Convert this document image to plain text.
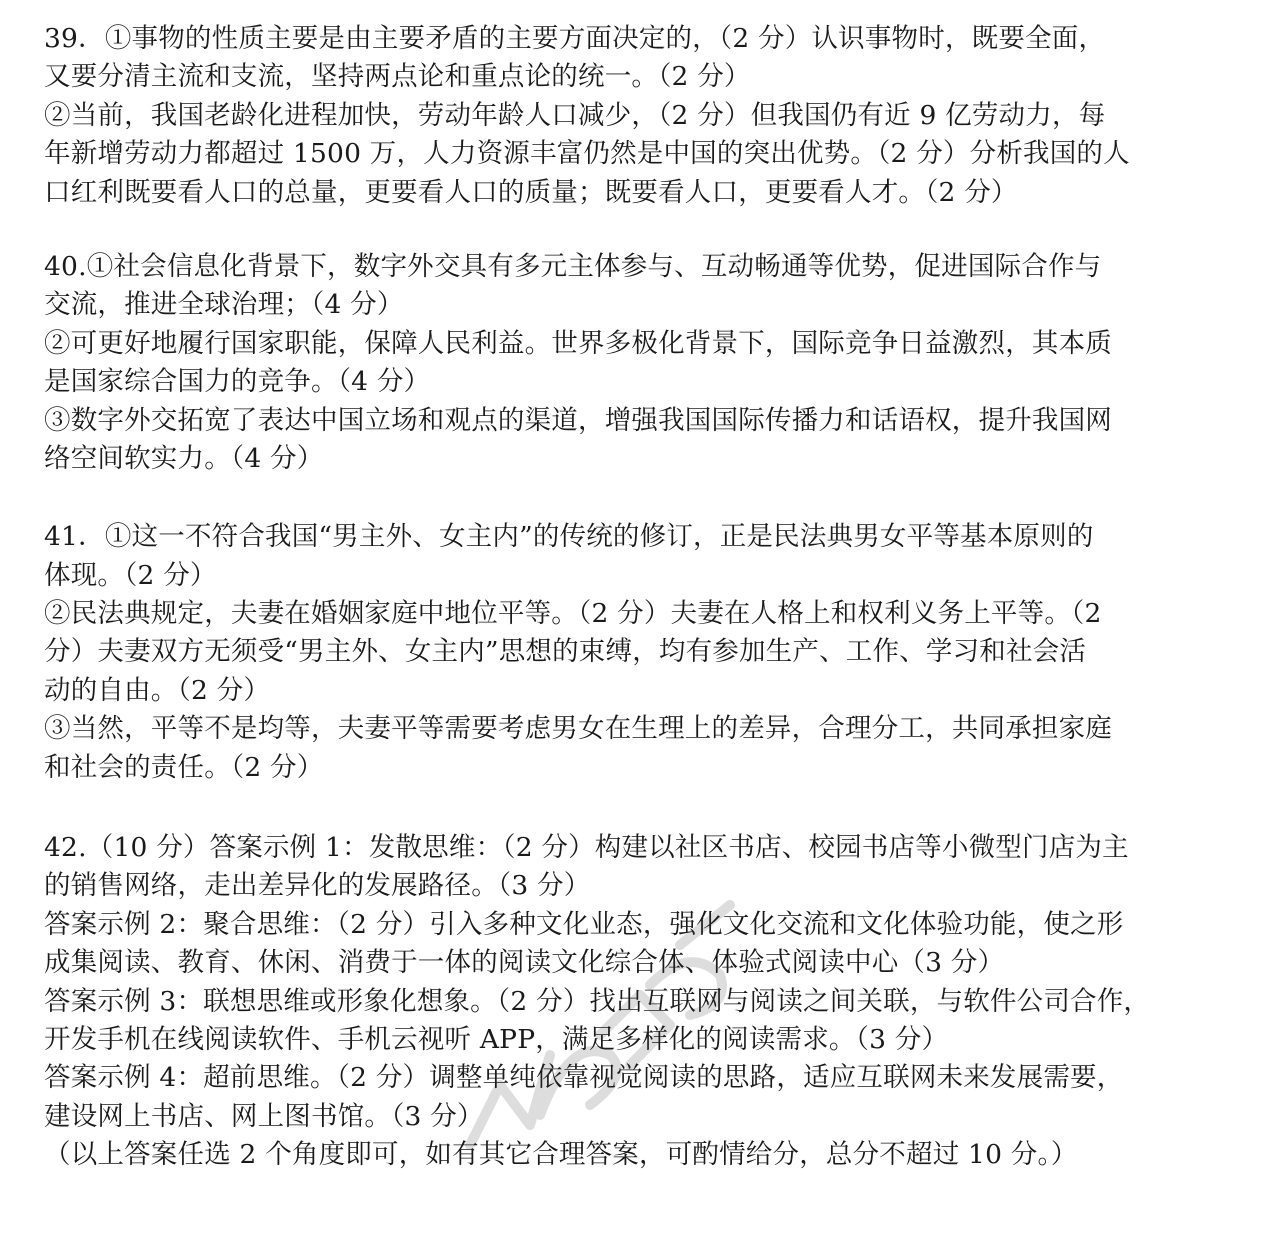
39．①事物的性质主要是由主要矛盾的主要方面决定的，（2 分）认识事物时，既要全面，
又要分清主流和支流，坚持两点论和重点论的统一。（2 分）
②当前，我国老龄化进程加快，劳动年龄人口减少，（2 分）但我国仍有近 9 亿劳动力，每
年新增劳动力都超过 1500 万，人力资源丰富仍然是中国的突出优势。（2 分）分析我国的人
口红利既要看人口的总量，更要看人口的质量；既要看人口，更要看人才。（2 分）
40.①社会信息化背景下，数字外交具有多元主体参与、互动畅通等优势，促进国际合作与
交流，推进全球治理；（4 分）
②可更好地履行国家职能，保障人民利益。世界多极化背景下，国际竞争日益激烈，其本质
是国家综合国力的竞争。（4 分）
③数字外交拓宽了表达中国立场和观点的渠道，增强我国国际传播力和话语权，提升我国网
络空间软实力。（4 分）
41．①这一不符合我国“男主外、女主内”的传统的修订，正是民法典男女平等基本原则的
体现。（2 分）
②民法典规定，夫妻在婚姻家庭中地位平等。（2 分）夫妻在人格上和权利义务上平等。（2
分）夫妻双方无须受“男主外、女主内”思想的束缚，均有参加生产、工作、学习和社会活
动的自由。（2 分）
③当然，平等不是均等，夫妻平等需要考虑男女在生理上的差异，合理分工，共同承担家庭
和社会的责任。（2 分）
42.（10 分）答案示例 1：发散思维：（2 分）构建以社区书店、校园书店等小微型门店为主
的销售网络，走出差异化的发展路径。（3 分）
答案示例 2：聚合思维：（2 分）引入多种文化业态，强化文化交流和文化体验功能，使之形
成集阅读、教育、休闲、消费于一体的阅读文化综合体、体验式阅读中心（3 分）
答案示例 3：联想思维或形象化想象。（2 分）找出互联网与阅读之间关联，与软件公司合作，
开发手机在线阅读软件、手机云视听 APP，满足多样化的阅读需求。（3 分）
答案示例 4：超前思维。（2 分）调整单纯依靠视觉阅读的思路，适应互联网未来发展需要，
建设网上书店、网上图书馆。（3 分）
（以上答案任选 2 个角度即可，如有其它合理答案，可酌情给分，总分不超过 10 分。）
